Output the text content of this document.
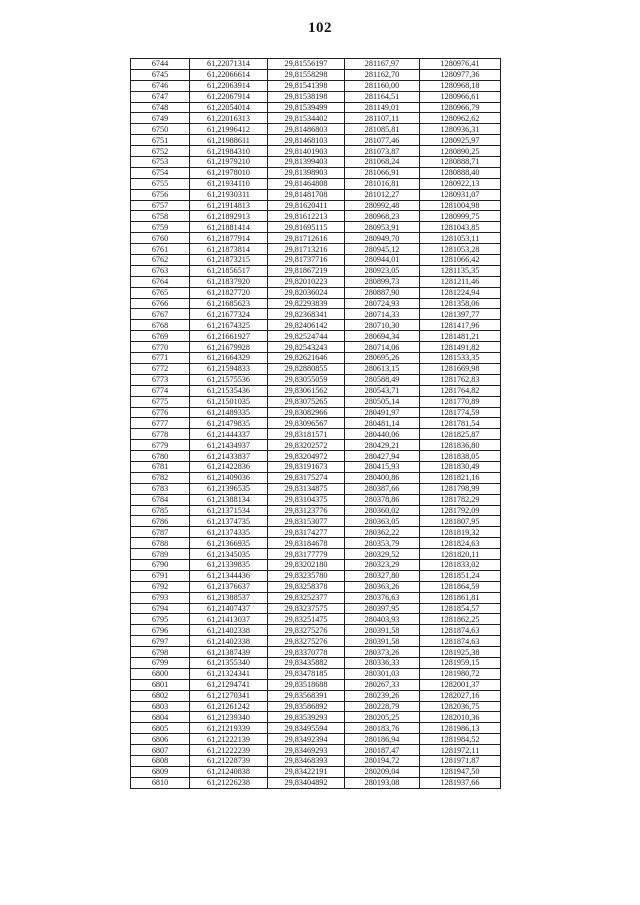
102
6744	61,22071314	29,81556197	281167,97	1280976,41
6745	61,22066614	29,81558298	281162,70	1280977,36
6746	61,22063914	29,81541398	281160,00	1280968,18
6747	61,22067914	29,81538198	281164,51	1280966,61
6748	61,22054014	29,81539499	281149,01	1280966,79
6749	61,22016313	29,81534402	281107,11	1280962,62
6750	61,21996412	29,81486803	281085,81	1280936,31
6751	61,21988611	29,81468103	281077,46	1280925,97
6752	61,21984310	29,81401903	281073,87	1280890,25
6753	61,21979210	29,81399403	281068,24	1280888,71
6754	61,21978010	29,81398903	281066,91	1280888,40
6755	61,21934110	29,81464808	281016,81	1280922,13
6756	61,21930311	29,81481708	281012,27	1280931,07
6757	61,21914813	29,81620411	280992,48	1281004,98
6758	61,21892913	29,81612213	280968,23	1280999,75
6759	61,21881414	29,81695115	280953,91	1281043,85
6760	61,21877914	29,81712616	280949,70	1281053,11
6761	61,21873814	29,81713216	280945,12	1281053,28
6762	61,21873215	29,81737716	280944,01	1281066,42
6763	61,21856517	29,81867219	280923,05	1281135,35
6764	61,21837920	29,82010223	280899,73	1281211,46
6765	61,21827720	29,82036024	280887,90	1281224,94
6766	61,21685623	29,82293839	280724,93	1281358,06
6767	61,21677324	29,82368341	280714,33	1281397,77
6768	61,21674325	29,82406142	280710,30	1281417,96
6769	61,21661927	29,82524744	280694,34	1281481,21
6770	61,21679928	29,82543243	280714,06	1281491,82
6771	61,21664329	29,82621646	280695,26	1281533,35
6772	61,21594833	29,82880855	280613,15	1281669,98
6773	61,21575536	29,83055059	280588,49	1281762,83
6774	61,21535436	29,83061562	280543,71	1281764,82
6775	61,21501035	29,83075265	280505,14	1281770,89
6776	61,21489335	29,83082966	280491,97	1281774,59
6777	61,21479835	29,83096567	280481,14	1281781,54
6778	61,21444337	29,83181571	280440,06	1281825,87
6779	61,21434937	29,83202572	280429,21	1281836,80
6780	61,21433837	29,83204972	280427,94	1281838,05
6781	61,21422836	29,83191673	280415,93	1281830,49
6782	61,21409036	29,83175274	280400,86	1281821,16
6783	61,21396535	29,83134875	280387,66	1281798,99
6784	61,21388134	29,83104375	280378,86	1281782,29
6785	61,21371534	29,83123776	280360,02	1281792,09
6786	61,21374735	29,83153077	280363,05	1281807,95
6787	61,21374335	29,83174277	280362,22	1281819,32
6788	61,21366935	29,83184678	280353,79	1281824,63
6789	61,21345035	29,83177779	280329,52	1281820,11
6790	61,21339835	29,83202180	280323,29	1281833,02
6791	61,21344436	29,83235780	280327,80	1281851,24
6792	61,21376637	29,83258378	280363,26	1281864,59
6793	61,21388537	29,83252377	280376,63	1281861,81
6794	61,21407437	29,83237575	280397,95	1281854,57
6795	61,21413037	29,83251475	280403,93	1281862,25
6796	61,21402338	29,83275276	280391,58	1281874,63
6797	61,21402338	29,83275276	280391,58	1281874,63
6798	61,21387439	29,83370778	280373,26	1281925,38
6799	61,21355340	29,83435882	280336,33	1281959,15
6800	61,21324341	29,83478185	280301,03	1281980,72
6801	61,21294741	29,83518688	280267,33	1282001,37
6802	61,21270341	29,83568391	280239,26	1282027,16
6803	61,21261242	29,83586892	280228,79	1282036,75
6804	61,21239340	29,83539293	280205,25	1282010,36
6805	61,21219339	29,83495594	280183,76	1281986,13
6806	61,21222139	29,83492394	280186,94	1281984,52
6807	61,21222239	29,83469293	280187,47	1281972,11
6808	61,21228739	29,83468393	280194,72	1281971,87
6809	61,21240838	29,83422191	280209,04	1281947,50
6810	61,21226238	29,83404892	280193,08	1281937,66
